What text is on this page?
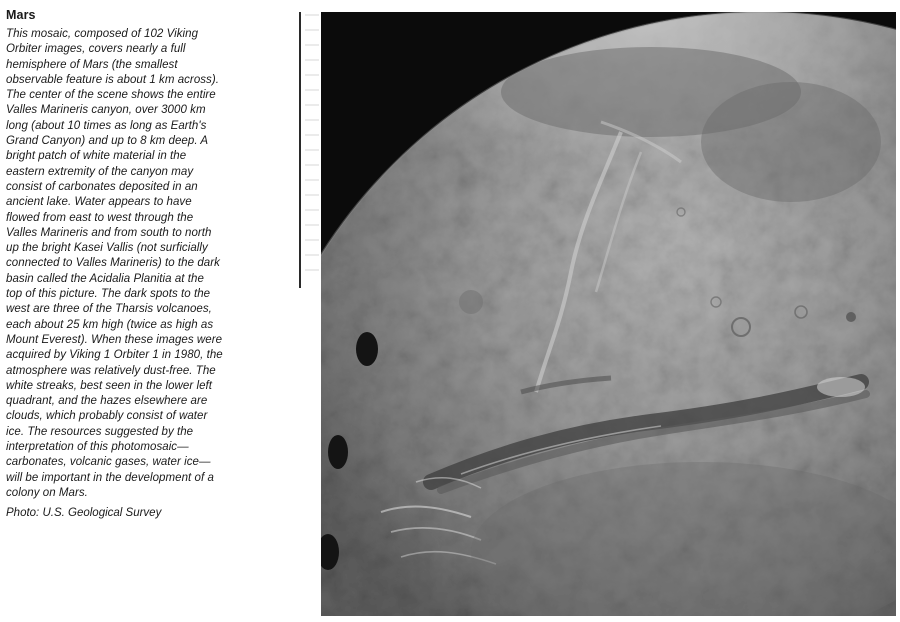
Mars

This mosaic, composed of 102 Viking
Orbiter images, covers nearly a full
hemisphere of Mars (the smallest
observable feature is about 1 km across).
The center of the scene shows the entire
Valles Marineris canyon, over 3000 km
long (about 10 times as long as Earth's
Grand Canyon) and up to 8 km deep. A
bright patch of white material in the
eastern extremity of the canyon may
consist of carbonates deposited in an
ancient lake. Water appears to have
flowed from east to west through the
Valles Marineris and from south to north
up the bright Kasei Vallis (not surficially
connected to Valles Marineris) to the dark
basin called the Acidalia Planitia at the
top of this picture. The dark spots to the
west are three of the Tharsis volcanoes,
each about 25 km high (twice as high as
Mount Everest). When these images were
acquired by Viking 1 Orbiter 1 in 1980, the
atmosphere was relatively dust-free. The
white streaks, best seen in the lower left
quadrant, and the hazes elsewhere are
clouds, which probably consist of water
ice. The resources suggested by the
interpretation of this photomosaic—
carbonates, volcanic gases, water ice—
will be important in the development of a
colony on Mars.

Photo: U.S. Geological Survey
